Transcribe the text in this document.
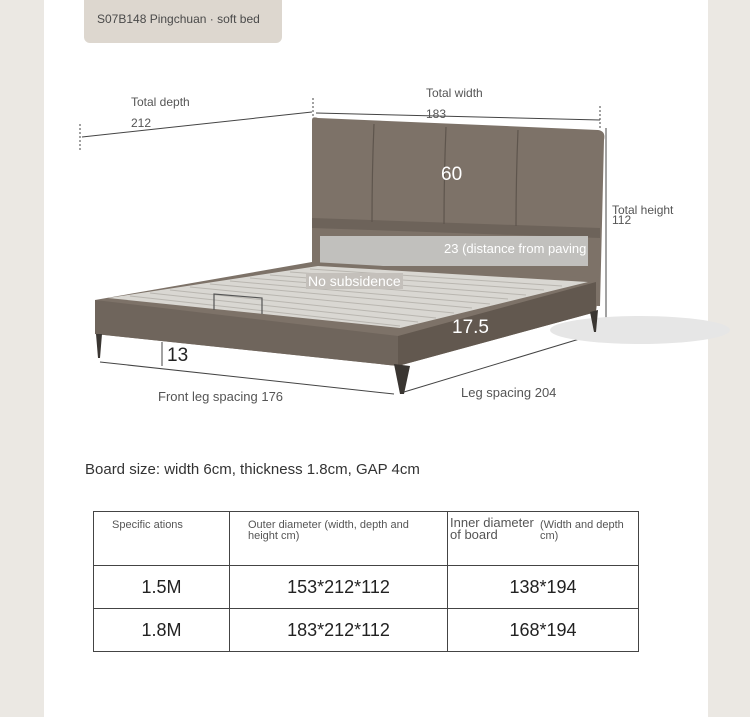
S07B148 Pingchuan · soft bed
Total depth
212
Total width
183
Total height
112
60
23 (distance from paving
No subsidence
17.5
13
Front leg spacing 176	Leg spacing 204
Board size: width 6cm, thickness 1.8cm, GAP 4cm
Specific ations	Outer diameter (width, depth and height cm)	Inner diameter of board
(Width and depth cm)

1.5M	153*212*112	138*194
1.8M	183*212*112	168*194
